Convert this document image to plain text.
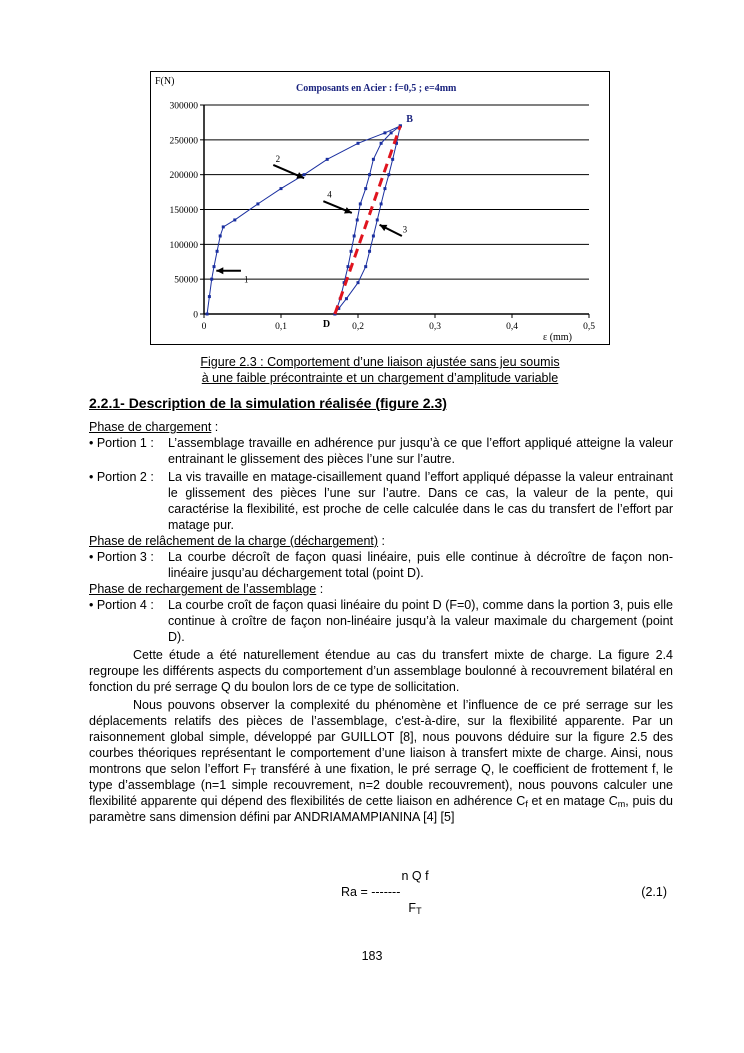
F(N)
Composants en Acier : f=0,5 ; e=4mm
0
50000
100000
150000
200000
250000
300000
0	0,1	0,2	0,3	0,4	0,5
B
D
1
2
3
4
ε (mm)
Figure 2.3 : Comportement d’une liaison ajustée sans jeu soumis
à une faible précontrainte et un chargement d’amplitude variable
2.2.1- Description de la simulation réalisée (figure 2.3)
Phase de chargement :
• Portion 1 :	L’assemblage travaille en adhérence pur jusqu’à ce que l’effort appliqué atteigne la valeur entrainant le glissement des pièces l’une sur l’autre.
• Portion 2 :	La vis travaille en matage-cisaillement quand l’effort appliqué dépasse la valeur entrainant le glissement des pièces l’une sur l’autre. Dans ce cas, la valeur de la pente, qui caractérise la flexibilité, est proche de celle calculée dans le cas du transfert de l’effort par matage pur.
Phase de relâchement de la charge (déchargement) :
• Portion 3 :	La courbe décroît de façon quasi linéaire, puis elle continue à décroître de façon non-linéaire jusqu’au déchargement total (point D).
Phase de rechargement de l’assemblage :
• Portion 4 :	La courbe croît de façon quasi linéaire du point D (F=0), comme dans la portion 3, puis elle continue à croître de façon non-linéaire jusqu’à la valeur maximale du chargement (point D).
Cette étude a été naturellement étendue au cas du transfert mixte de charge. La figure 2.4 regroupe les différents aspects du comportement d’un assemblage boulonné à recouvrement bilatéral en fonction du pré serrage Q du boulon lors de ce type de sollicitation.
Nous pouvons observer la complexité du phénomène et l’influence de ce pré serrage sur les déplacements relatifs des pièces de l’assemblage, c'est-à-dire, sur la flexibilité apparente. Par un raisonnement global simple, développé par GUILLOT [8], nous pouvons déduire sur la figure 2.5 des courbes théoriques représentant le comportement d’une liaison à transfert mixte de charge. Ainsi, nous montrons que selon l’effort $F_T$ transféré à une fixation, le pré serrage Q, le coefficient de frottement f, le type d’assemblage (n=1 simple recouvrement, n=2 double recouvrement), nous pouvons calculer une flexibilité apparente qui dépend des flexibilités de cette liaison en adhérence $C_f$ et en matage $C_m$, puis du paramètre sans dimension défini par ANDRIAMAMPIANINA [4] [5]
n Q f
Ra = -------
$F_T$
(2.1)
183
